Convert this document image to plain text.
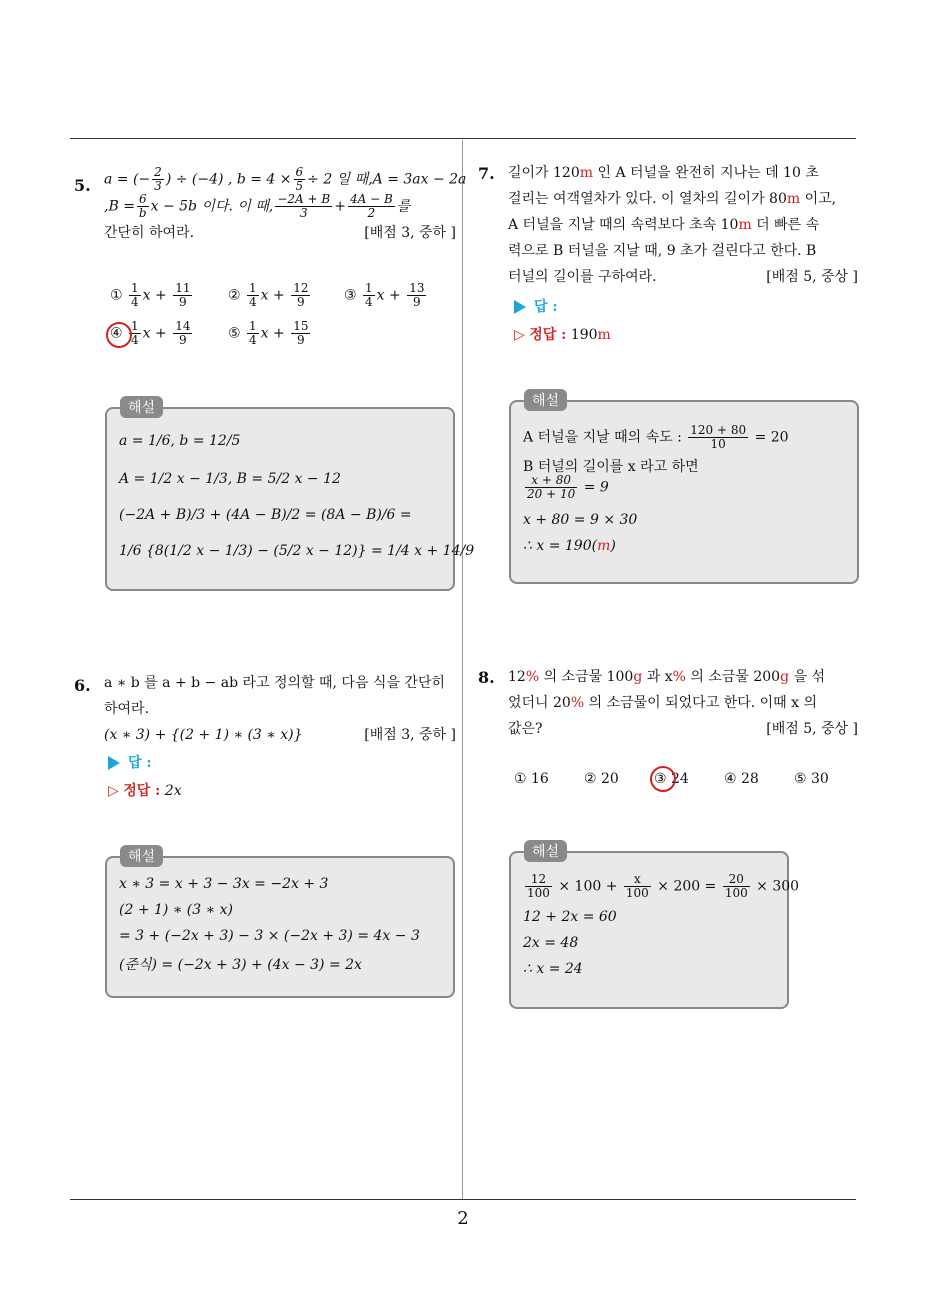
2
5. a = (− $\frac{2}{3}$ ) ÷ (−4) , $b = 4 \times \frac{6}{5} \div 2$ 일 때,A = 3ax − 2a
$,B = \frac{6}{b}$ x − 5b 이다. 이 때, $\frac{-2A + B}{3} + \frac{4A - B}{2}$ 를
간단히 하여라.	[배점 3, 중하 ]
① $\frac{1}{4}$ $x + \frac{11}{9}$	② $\frac{1}{4}$ $x + \frac{12}{9}$ ③ $\frac{1}{4}$ $x + \frac{13}{9}$
④ $\frac{1}{4}$ $x + \frac{14}{9}$	⑤ $\frac{1}{4}$ $x + \frac{15}{9}$
a = 1/6, b = 12/5
A = 1/2 x − 1/3, B = 5/2 x − 12
(−2A + B)/3 + (4A − B)/2 = (8A − B)/6 =
1/6 {8(1/2 x − 1/3) − (5/2 x − 12)} = 1/4 x + 14/9
해설
6. a ∗ b 를 a + b − ab 라고 정의할 때, 다음 식을 간단히
하여라.
(x ∗ 3) + {(2 + 1) ∗ (3 ∗ x)}	[배점 3, 중하 ]
답 :
▷ 정답 : 2x
x ∗ 3 = x + 3 − 3x = −2x + 3
(2 + 1) ∗ (3 ∗ x)
= 3 + (−2x + 3) − 3 × (−2x + 3) = 4x − 3
(준식) = (−2x + 3) + (4x − 3) = 2x
해설
7. 길이가 120m 인 A 터널을 완전히 지나는 데 10 초
걸리는 여객열차가 있다. 이 열차의 길이가 80m 이고,
A 터널을 지날 때의 속력보다 초속 10m 더 빠른 속
력으로 B 터널을 지날 때, 9 초가 걸린다고 한다. B
터널의 길이를 구하여라.	[배점 5, 중상 ]
답 :
▷ 정답 : 190m
A 터널을 지날 때의 속도 : $\frac{120 + 80}{10} = 20$
B 터널의 길이를 x 라고 하면
$\frac{x + 80}{20 + 10} = 9$
x + 80 = 9 × 30
∴ x = 190(m)
해설
8. 12% 의 소금물 100g 과 x% 의 소금물 200g 을 섞
었더니 20% 의 소금물이 되었다고 한다. 이때 x 의
값은?	[배점 5, 중상 ]
① 16	② 20	③ 24	④ 28	⑤ 30
$\frac{12}{100} \times 100 + \frac{x}{100} \times 200 = \frac{20}{100} \times 300$
12 + 2x = 60
2x = 48
∴ x = 24
해설
